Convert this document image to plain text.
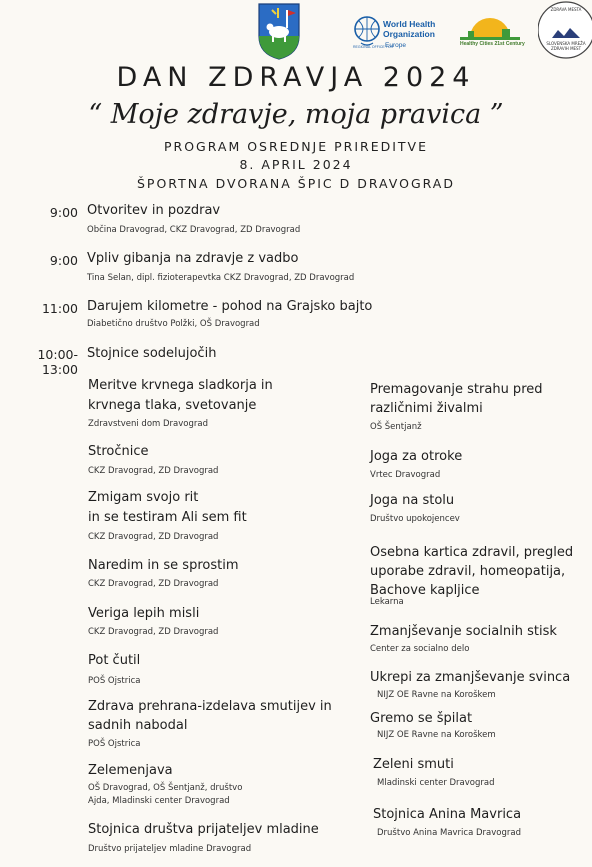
World Health Organization
REGIONAL OFFICE FOR
Europe	Healthy Cities 21st Century
ZDRAVA MESTA
SLOVENSKA MREŽA ZDRAVIH MEST
DAN ZDRAVJA 2024
“ Moje zdravje, moja pravica ”
PROGRAM OSREDNJE PRIREDITVE
8. APRIL 2024
ŠPORTNA DVORANA ŠPIC D DRAVOGRAD
9:00 Otvoritev in pozdrav
Občina Dravograd, CKZ Dravograd, ZD Dravograd
9:00 Vpliv gibanja na zdravje z vadbo
Tina Selan, dipl. fizioterapevtka CKZ Dravograd, ZD Dravograd
11:00 Darujem kilometre - pohod na Grajsko bajto
Diabetično društvo Polžki, OŠ Dravograd
10:00-13:00
Stojnice sodelujočih
Meritve krvnega sladkorja in
krvnega tlaka, svetovanje
Zdravstveni dom Dravograd
Stročnice
CKZ Dravograd, ZD Dravograd
Zmigam svojo rit
in se testiram Ali sem fit
CKZ Dravograd, ZD Dravograd
Naredim in se sprostim
CKZ Dravograd, ZD Dravograd
Veriga lepih misli
CKZ Dravograd, ZD Dravograd
Pot čutil
POŠ Ojstrica
Zdrava prehrana-izdelava smutijev in
sadnih nabodal
POŠ Ojstrica
Zelemenjava
OŠ Dravograd, OŠ Šentjanž, društvo
Ajda, Mladinski center Dravograd
Stojnica društva prijateljev mladine
Društvo prijateljev mladine Dravograd
Premagovanje strahu pred
različnimi živalmi
OŠ Šentjanž
Joga za otroke
Vrtec Dravograd
Joga na stolu
Društvo upokojencev
Osebna kartica zdravil, pregled
uporabe zdravil, homeopatija,
Bachove kapljice
Lekarna
Zmanjševanje socialnih stisk
Center za socialno delo
Ukrepi za zmanjševanje svinca
NIJZ OE Ravne na Koroškem
Gremo se špilat
NIJZ OE Ravne na Koroškem
Zeleni smuti
Mladinski center Dravograd
Stojnica Anina Mavrica
Društvo Anina Mavrica Dravograd
